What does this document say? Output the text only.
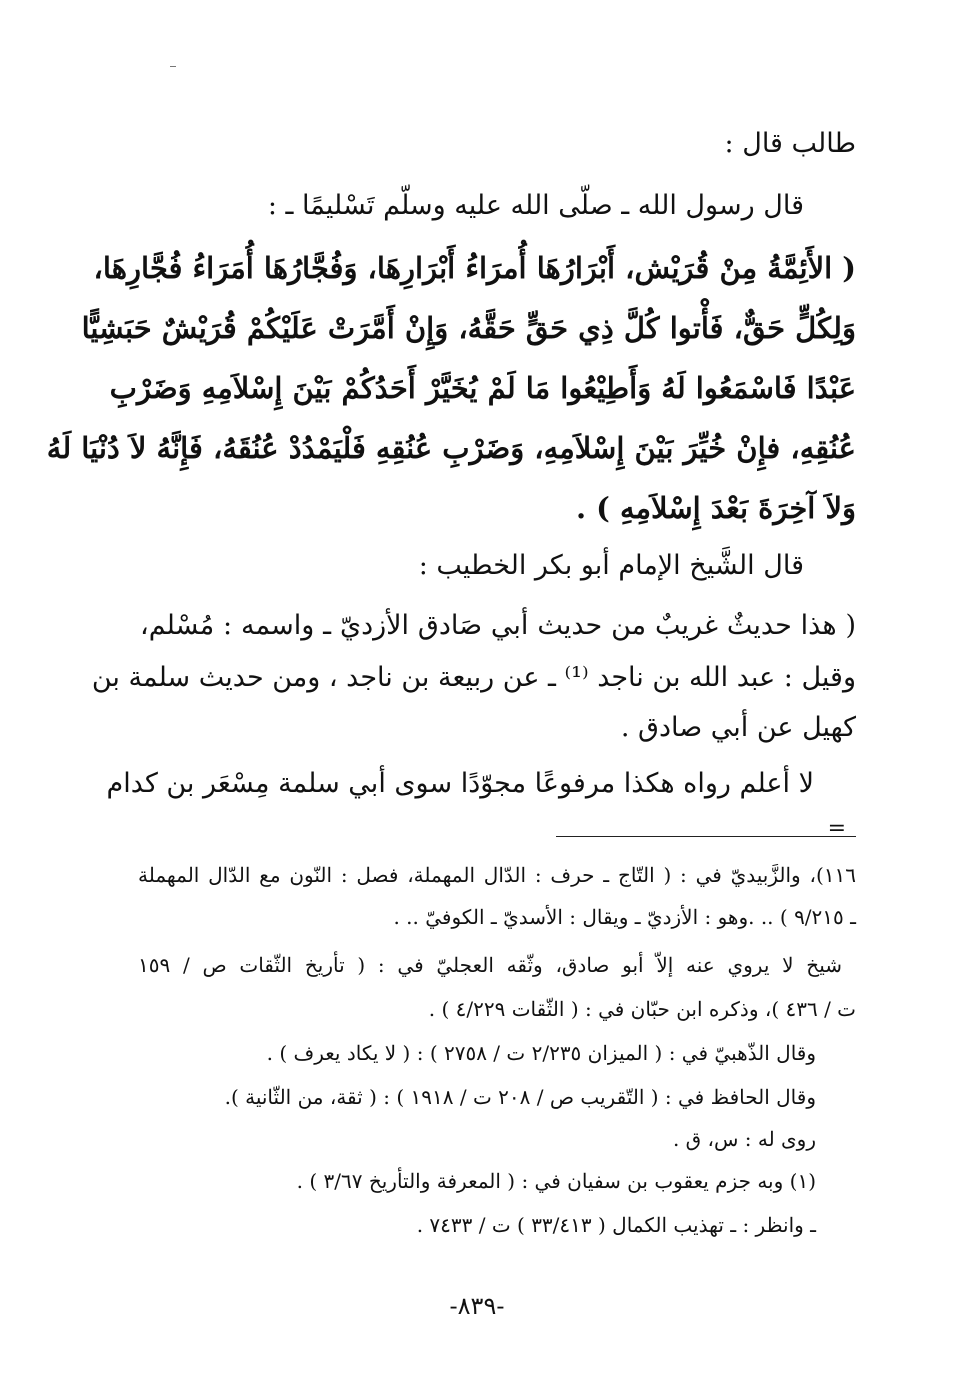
طالب قال :
قال رسول الله ـ صلّى الله عليه وسلّم تَسْليمًا ـ :
( الأَئِمَّةُ مِنْ قُرَيْش، أَبْرَارُهَا أُمرَاءُ أَبْرَارِهَا، وَفُجَّارُهَا أُمَرَاءُ فُجَّارِهَا،
وَلِكُلٍّ حَقٌّ، فَأْتوا كُلَّ ذِي حَقٍّ حَقَّهُ، وَإِنْ أَمَّرَتْ عَلَيْكُمْ قُرَيْشٌ حَبَشِيًّا
عَبْدًا فَاسْمَعُوا لَهُ وَأَطِيْعُوا مَا لَمْ يُخَيَّرْ أَحَدُكُمْ بَيْنَ إِسْلاَمِهِ وَضَرْبِ
عُنُقِهِ، فإِنْ خُيِّرَ بَيْنَ إِسْلاَمِهِ، وَضَرْبِ عُنُقِهِ فَلْيَمْدُدْ عُنُقَهُ، فَإِنَّهُ لاَ دُنْيَا لَهُ
وَلاَ آخِرَةَ بَعْدَ إِسْلاَمِهِ ) .
قال الشَّيخ الإمام أبو بكر الخطيب :
( هذا حديثٌ غريبٌ من حديث أبي صَادق الأزديّ ـ واسمه : مُسْلم،
وقيل : عبد الله بن ناجد ⁽¹⁾ ـ عن ربيعة بن ناجد ، ومن حديث سلمة بن
كهيل عن أبي صادق .
لا أعلم رواه هكذا مرفوعًا مجوّدًا سوى أبي سلمة مِسْعَر بن كدام
=
١١٦)، والزَّبيديّ في : ( التّاج ـ حرف : الدّال المهملة، فصل : النّون مع الدّال المهملة
ـ ٩/٢١٥ ) .. .وهو : الأزديّ ـ ويقال : الأسديّ ـ الكوفيّ .. .
شيخ لا يروي عنه إلاّ أبو صادق، وثّقه العجليّ في : ( تأريخ الثّقات ص / ١٥٩
ت / ٤٣٦ )، وذكره ابن حبّان في : ( الثّقات ٤/٢٢٩ ) .
وقال الذّهبيّ في : ( الميزان ٢/٢٣٥ ت / ٢٧٥٨ ) : ( لا يكاد يعرف ) .
وقال الحافظ في : ( التّقريب ص / ٢٠٨ ت / ١٩١٨ ) : ( ثقة، من الثّانية ).
روى له : س، ق .
(١) وبه جزم يعقوب بن سفيان في : ( المعرفة والتأريخ ٣/٦٧ ) .
ـ وانظر : ـ تهذيب الكمال ( ٣٣/٤١٣ ) ت / ٧٤٣٣ .
-٨٣٩-
